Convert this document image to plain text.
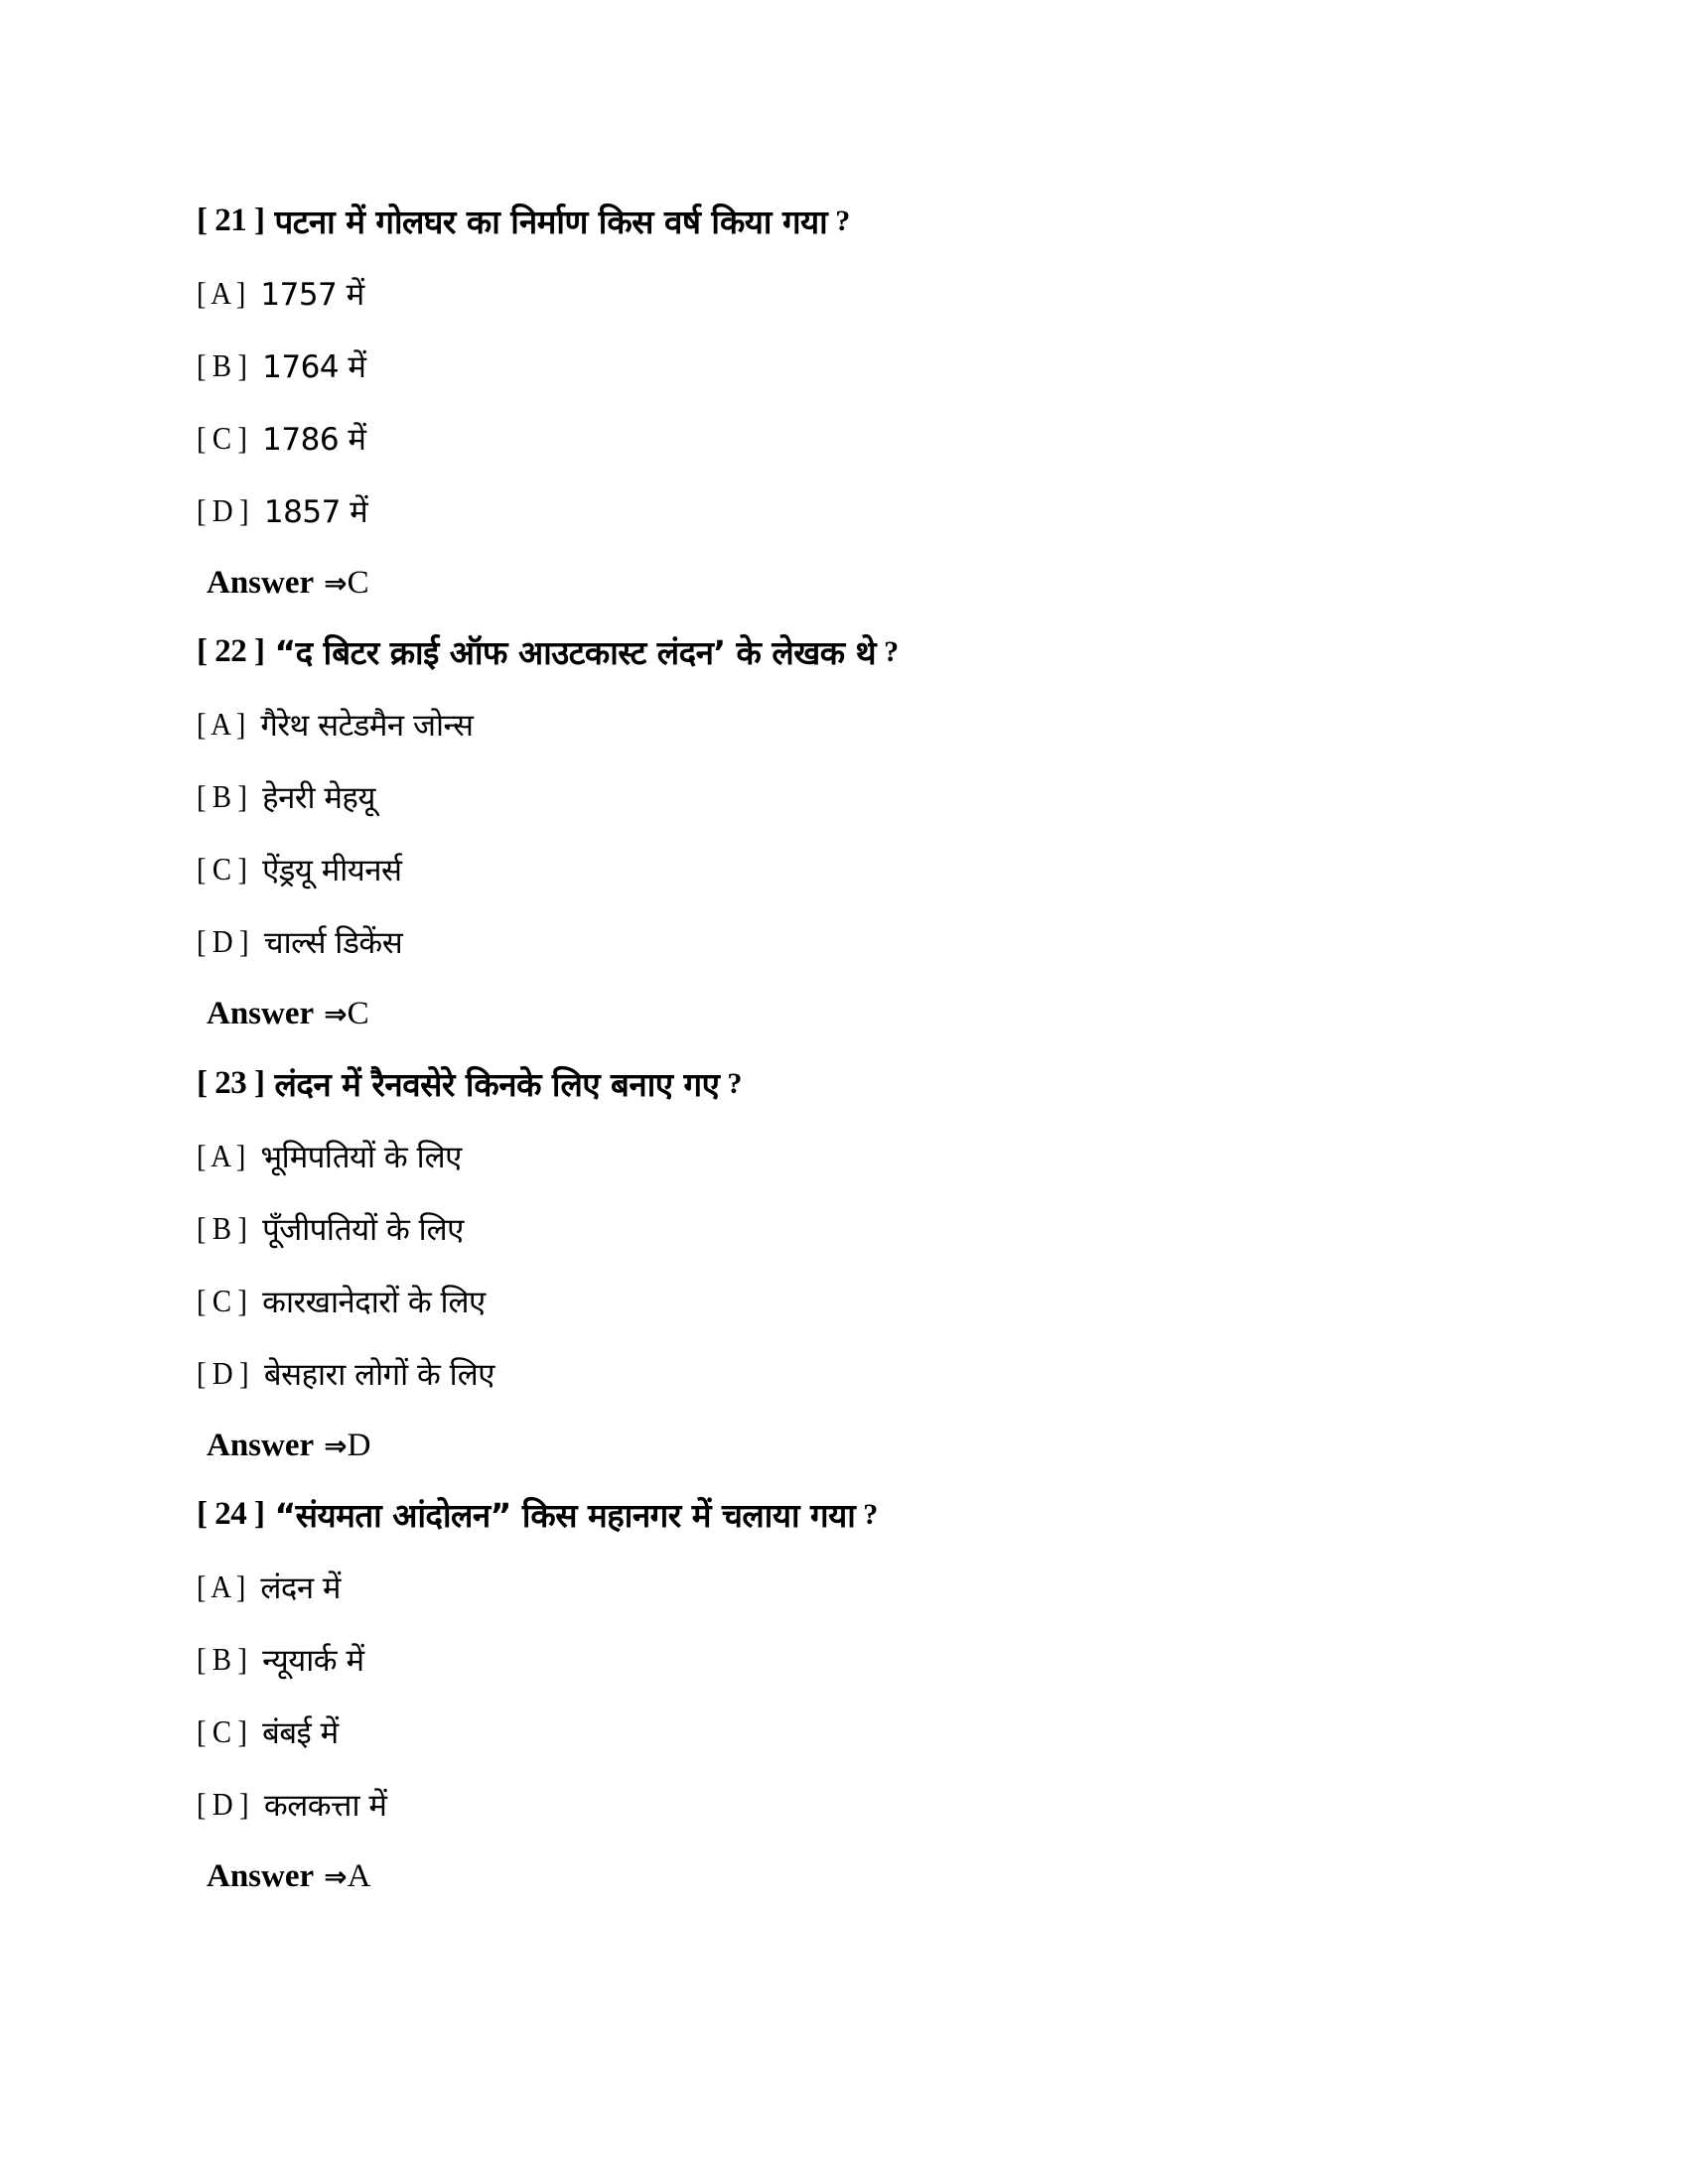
[ 21 ] पटना में गोलघर का निर्माण किस वर्ष किया गया ?
[ A ] 1757 में
[ B ] 1764 में
[ C ] 1786 में
[ D ] 1857 में
Answer ⇒ C
[ 22 ] “द बिटर क्राई ऑफ आउटकास्ट लंदन’ के लेखक थे ?
[ A ] गैरेथ सटेडमैन जोन्स
[ B ] हेनरी मेहयू
[ C ] ऐंड्रयू मीयनर्स
[ D ] चार्ल्स डिकेंस
Answer ⇒ C
[ 23 ] लंदन में रैनवसेरे किनके लिए बनाए गए ?
[ A ] भूमिपतियों के लिए
[ B ] पूँजीपतियों के लिए
[ C ] कारखानेदारों के लिए
[ D ] बेसहारा लोगों के लिए
Answer ⇒ D
[ 24 ] “संयमता आंदोलन” किस महानगर में चलाया गया ?
[ A ] लंदन में
[ B ] न्यूयार्क में
[ C ] बंबई में
[ D ] कलकत्ता में
Answer ⇒ A
